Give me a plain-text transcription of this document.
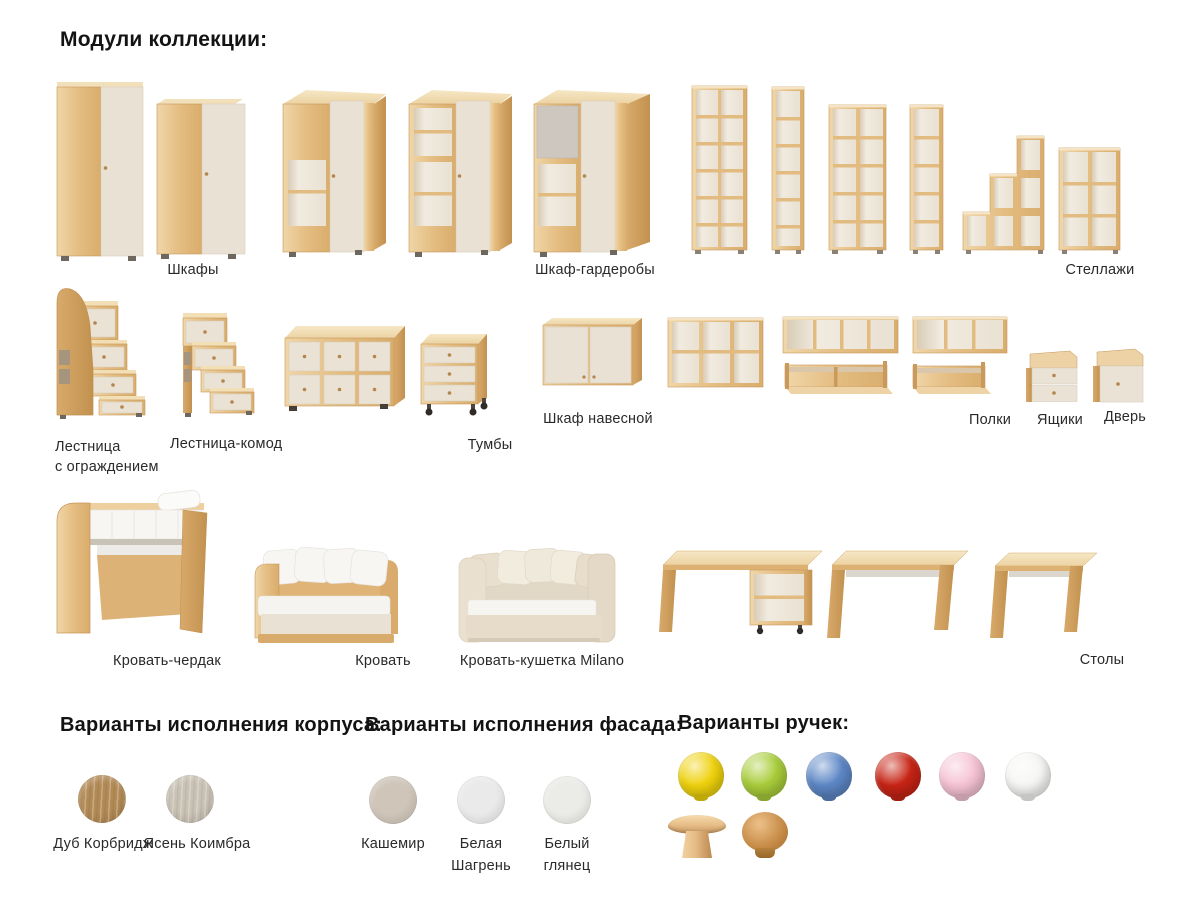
Модули коллекции:
Шкафы	Шкаф-гардеробы	Стеллажи
Лестница
с ограждением
Лестница-комод	Тумбы
Шкаф навесной	Полки Ящики Дверь
Кровать-чердак	Кровать	Кровать-кушетка Milano	Столы
Варианты исполнения корпуса:
Дуб Корбридж
Ясень Коимбра
Варианты исполнения фасада:
Кашемир Белая
Шагрень
Белый
глянец
Варианты ручек:
